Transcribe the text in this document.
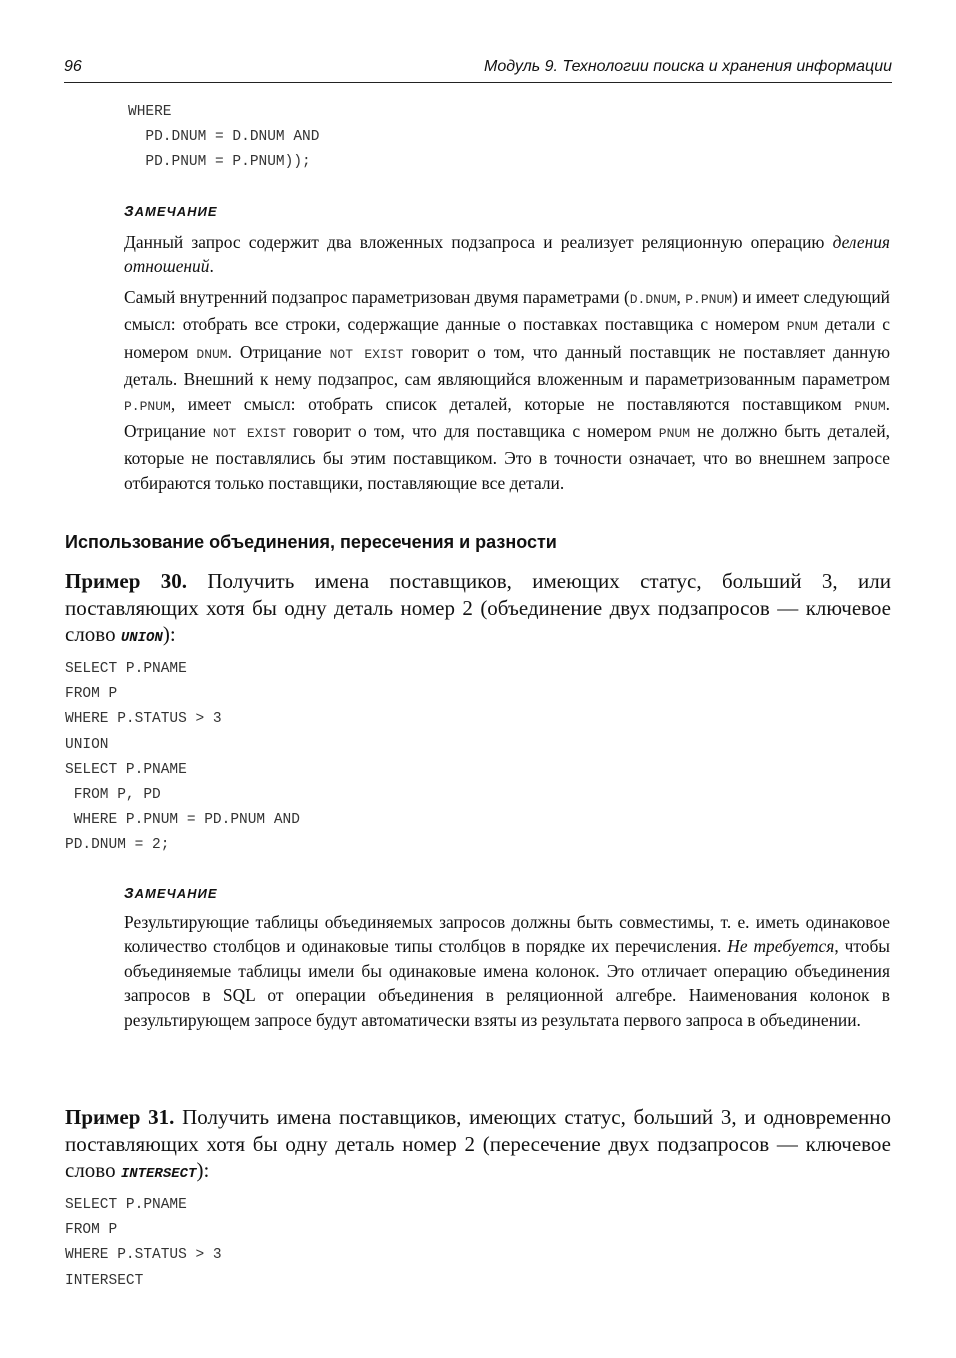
96	Модуль 9. Технологии поиска и хранения информации
WHERE
PD.DNUM = D.DNUM AND
PD.PNUM = P.PNUM));
ЗАМЕЧАНИЕ

Данный запрос содержит два вложенных подзапроса и реализует реляционную операцию деления отношений.

Самый внутренний подзапрос параметризован двумя параметрами (D.DNUM, P.PNUM) и имеет следующий смысл: отобрать все строки, содержащие данные о поставках поставщика с номером PNUM детали с номером DNUM. Отрицание NOT EXIST говорит о том, что данный поставщик не поставляет данную деталь. Внешний к нему подзапрос, сам являющийся вложенным и параметризованным параметром P.PNUM, имеет смысл: отобрать список деталей, которые не поставляются поставщиком PNUM. Отрицание NOT EXIST говорит о том, что для поставщика с номером PNUM не должно быть деталей, которые не поставлялись бы этим поставщиком. Это в точности означает, что во внешнем запросе отбираются только поставщики, поставляющие все детали.

Использование объединения, пересечения и разности

Пример 30. Получить имена поставщиков, имеющих статус, больший 3, или поставляющих хотя бы одну деталь номер 2 (объединение двух подзапросов — ключевое слово UNION):

SELECT P.PNAME
FROM P
WHERE P.STATUS > 3
UNION
SELECT P.PNAME
FROM P, PD
WHERE P.PNUM = PD.PNUM AND
PD.DNUM = 2;
ЗАМЕЧАНИЕ

Результирующие таблицы объединяемых запросов должны быть совместимы, т. е. иметь одинаковое количество столбцов и одинаковые типы столбцов в порядке их перечисления. Не требуется, чтобы объединяемые таблицы имели бы одинаковые имена колонок. Это отличает операцию объединения запросов в SQL от операции объединения в реляционной алгебре. Наименования колонок в результирующем запросе будут автоматически взяты из результата первого запроса в объединении.

Пример 31. Получить имена поставщиков, имеющих статус, больший 3, и одновременно поставляющих хотя бы одну деталь номер 2 (пересечение двух подзапросов — ключевое слово INTERSECT):

SELECT P.PNAME
FROM P
WHERE P.STATUS > 3
INTERSECT
